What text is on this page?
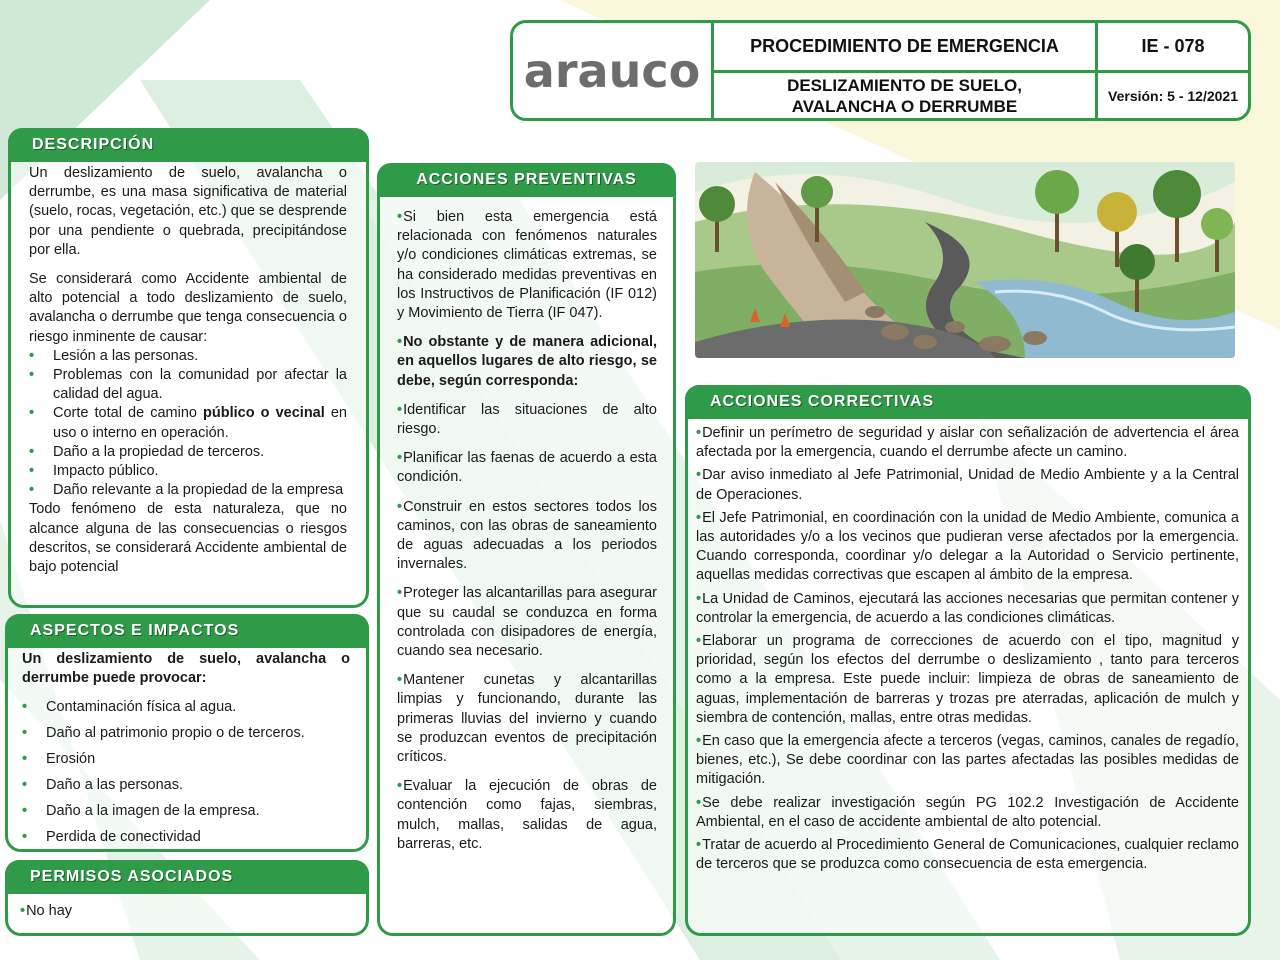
arauco	PROCEDIMIENTO DE EMERGENCIA	IE - 078
DESLIZAMIENTO DE SUELO,
AVALANCHA O DERRUMBE
Versión: 5 - 12/2021
DESCRIPCIÓN

Un deslizamiento de suelo, avalancha o derrumbe, es una masa significativa de material (suelo, rocas, vegetación, etc.) que se desprende por una pendiente o quebrada, precipitándose por ella.

Se considerará como Accidente ambiental de alto potencial a todo deslizamiento de suelo, avalancha o derrumbe que tenga consecuencia o riesgo inminente de causar:

• Lesión a las personas.
• Problemas con la comunidad por afectar la calidad del agua.
• Corte total de camino público o vecinal en uso o interno en operación.
• Daño a la propiedad de terceros.
• Impacto público.
• Daño relevante a la propiedad de la empresa

Todo fenómeno de esta naturaleza, que no alcance alguna de las consecuencias o riesgos descritos, se considerará Accidente ambiental de bajo potencial

ASPECTOS E IMPACTOS

Un deslizamiento de suelo, avalancha o derrumbe puede provocar:

• Contaminación física al agua.
• Daño al patrimonio propio o de terceros.
• Erosión
• Daño a las personas.
• Daño a la imagen de la empresa.
• Perdida de conectividad
PERMISOS ASOCIADOS
•No hay
ACCIONES PREVENTIVAS

•Si bien esta emergencia está relacionada con fenómenos naturales y/o condiciones climáticas extremas, se ha considerado medidas preventivas en los Instructivos de Planificación (IF 012) y Movimiento de Tierra (IF 047).

•No obstante y de manera adicional, en aquellos lugares de alto riesgo, se debe, según corresponda:

•Identificar las situaciones de alto riesgo.

•Planificar las faenas de acuerdo a esta condición.

•Construir en estos sectores todos los caminos, con las obras de saneamiento de aguas adecuadas a los periodos invernales.

•Proteger las alcantarillas para asegurar que su caudal se conduzca en forma controlada con disipadores de energía, cuando sea necesario.

•Mantener cunetas y alcantarillas limpias y funcionando, durante las primeras lluvias del invierno y cuando se produzcan eventos de precipitación críticos.

•Evaluar la ejecución de obras de contención como fajas, siembras, mulch, mallas, salidas de agua, barreras, etc.

ACCIONES CORRECTIVAS

•Definir un perímetro de seguridad y aislar con señalización de advertencia el área afectada por la emergencia, cuando el derrumbe afecte un camino.

•Dar aviso inmediato al Jefe Patrimonial, Unidad de Medio Ambiente y a la Central de Operaciones.

•El Jefe Patrimonial, en coordinación con la unidad de Medio Ambiente, comunica a las autoridades y/o a los vecinos que pudieran verse afectados por la emergencia. Cuando corresponda, coordinar y/o delegar a la Autoridad o Servicio pertinente, aquellas medidas correctivas que escapen al ámbito de la empresa.

•La Unidad de Caminos, ejecutará las acciones necesarias que permitan contener y controlar la emergencia, de acuerdo a las condiciones climáticas.

•Elaborar un programa de correcciones de acuerdo con el tipo, magnitud y prioridad, según los efectos del derrumbe o deslizamiento , tanto para terceros como a la empresa. Este puede incluir: limpieza de obras de saneamiento de aguas, implementación de barreras y trozas pre aterradas, aplicación de mulch y siembra de contención, mallas, entre otras medidas.

•En caso que la emergencia afecte a terceros (vegas, caminos, canales de regadío, bienes, etc.), Se debe coordinar con las partes afectadas las posibles medidas de mitigación.

•Se debe realizar investigación según PG 102.2 Investigación de Accidente Ambiental, en el caso de accidente ambiental de alto potencial.

•Tratar de acuerdo al Procedimiento General de Comunicaciones, cualquier reclamo de terceros que se produzca como consecuencia de esta emergencia.
